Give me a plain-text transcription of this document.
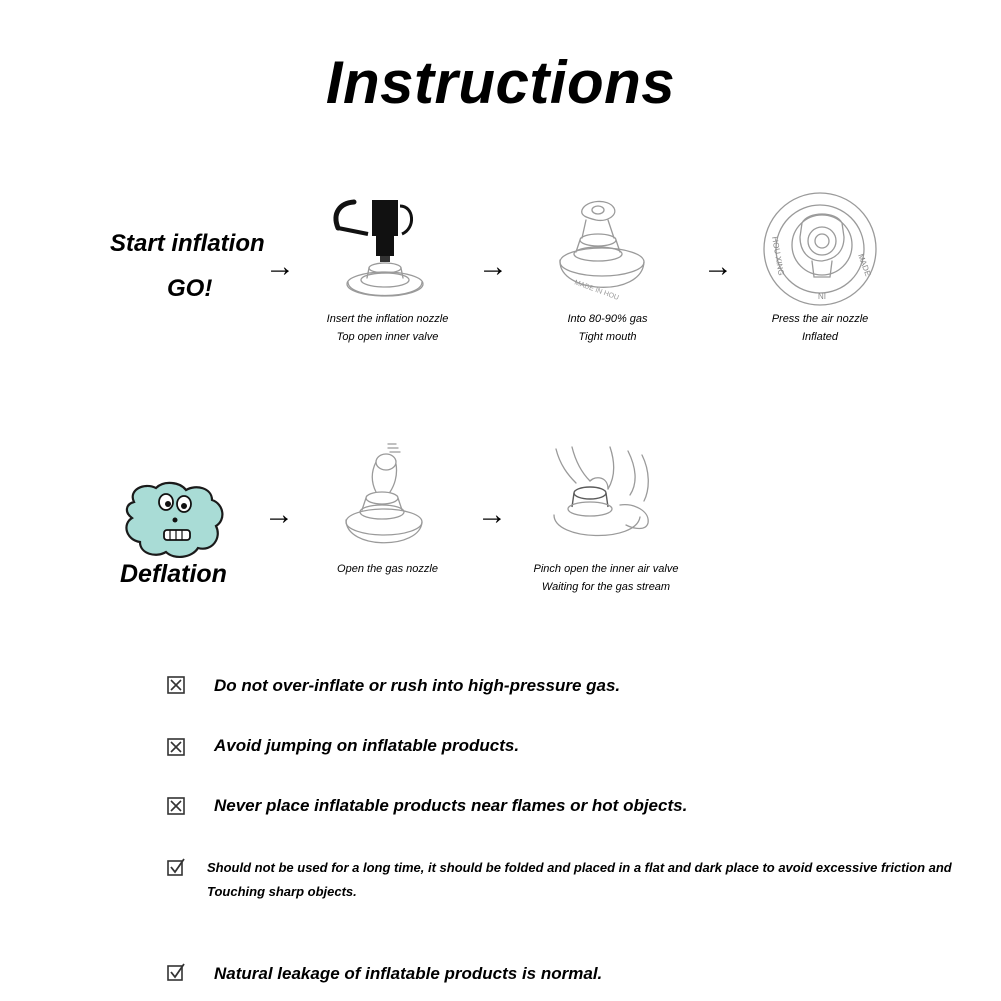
Instructions
Start inflation
GO!
→	→	→
Insert the inflation nozzle
Top open inner valve
MADE IN HOU
Into 80-90% gas
Tight mouth
HOU XING	MADE
IN
Press the air nozzle
Inflated
Deflation
→	→
Open the gas nozzle	Pinch open the inner air valve
Waiting for the gas stream
Do not over-inflate or rush into high-pressure gas.
Avoid jumping on inflatable products.
Never place inflatable products near flames or hot objects.
Should not be used for a long time, it should be folded and placed in a flat and dark place to avoid excessive friction and Touching sharp objects.
Natural leakage of inflatable products is normal.
